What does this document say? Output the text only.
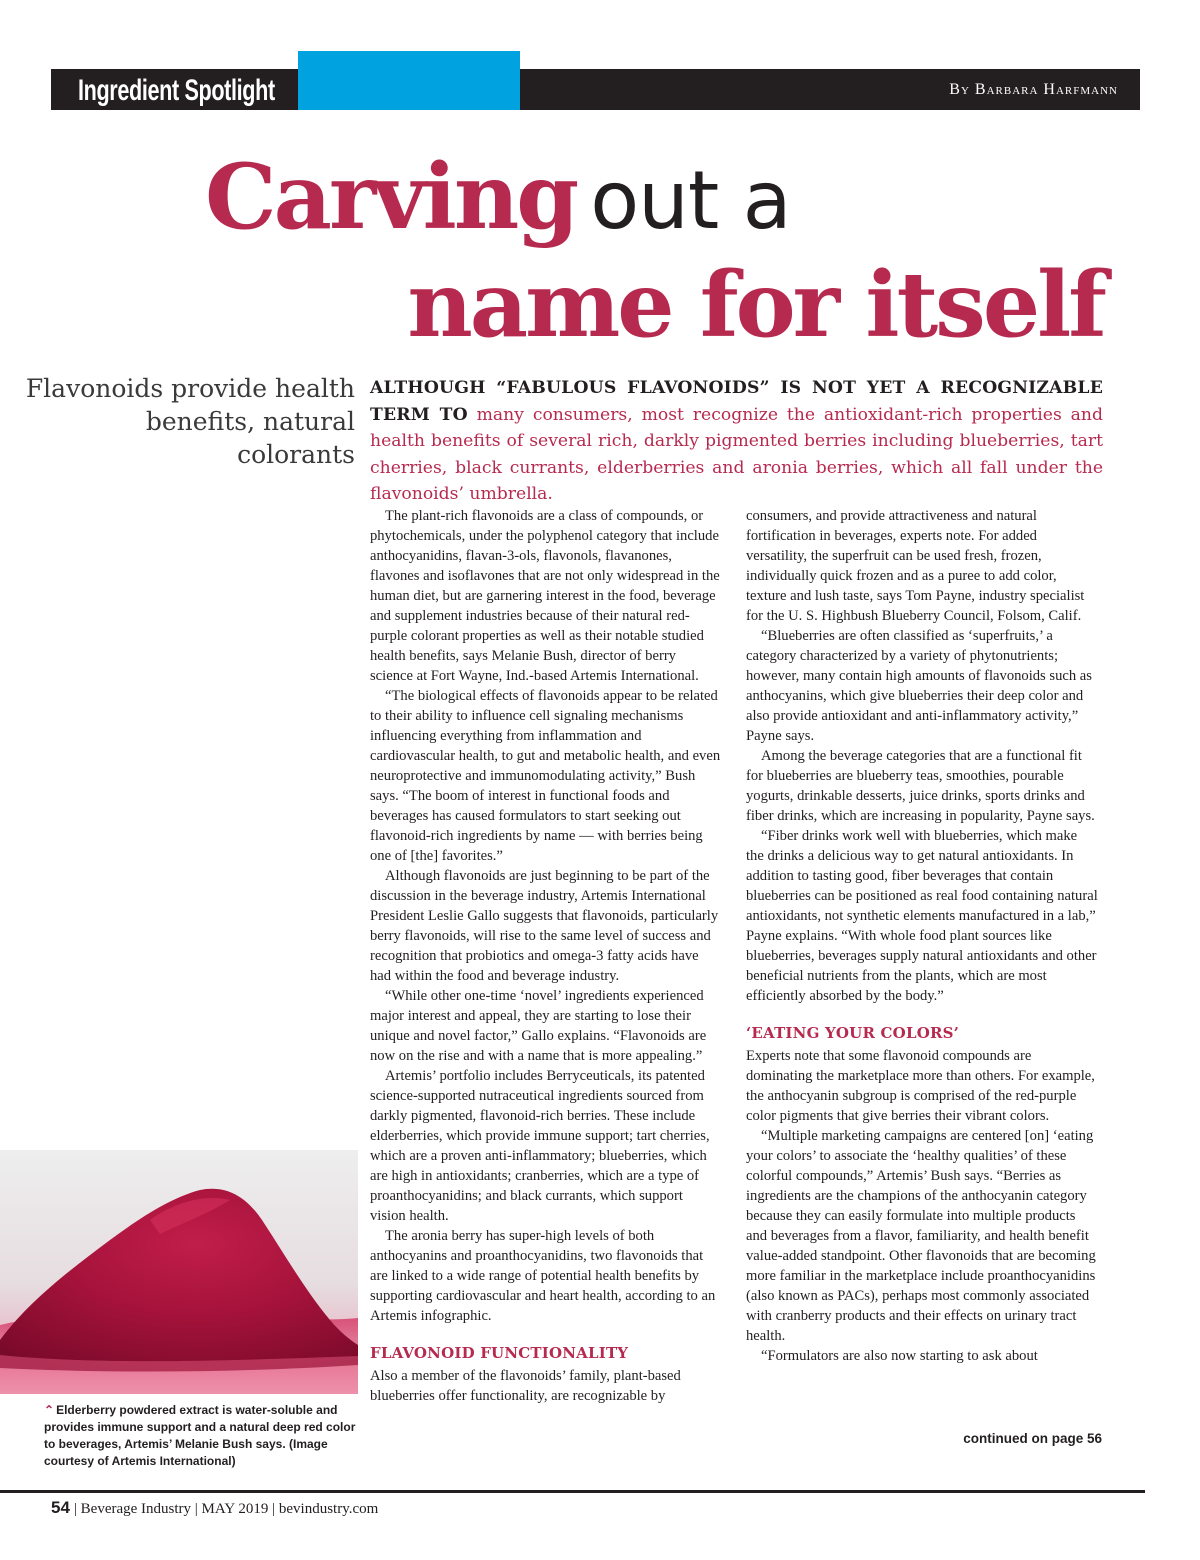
Ingredient Spotlight	By Barbara Harfmann
Carving out a
name for itself
Flavonoids provide health benefits, natural colorants
ALTHOUGH “FABULOUS FLAVONOIDS” IS NOT YET A RECOGNIZABLE TERM TO many consumers, most recognize the antioxidant-rich properties and health benefits of several rich, darkly pigmented berries including blueberries, tart cherries, black currants, elderberries and aronia berries, which all fall under the flavonoids’ umbrella.

The plant-rich flavonoids are a class of compounds, or phytochemicals, under the polyphenol category that include anthocyanidins, flavan-3-ols, flavonols, flavanones, flavones and isoflavones that are not only widespread in the human diet, but are garnering interest in the food, beverage and supplement industries because of their natural red-purple colorant properties as well as their notable studied health benefits, says Melanie Bush, director of berry science at Fort Wayne, Ind.-based Artemis International.

“The biological effects of flavonoids appear to be related to their ability to influence cell signaling mechanisms influencing everything from inflammation and cardiovascular health, to gut and metabolic health, and even neuroprotective and immunomodulating activity,” Bush says. “The boom of interest in functional foods and beverages has caused formulators to start seeking out flavonoid-rich ingredients by name — with berries being one of [the] favorites.”

Although flavonoids are just beginning to be part of the discussion in the beverage industry, Artemis International President Leslie Gallo suggests that flavonoids, particularly berry flavonoids, will rise to the same level of success and recognition that probiotics and omega-3 fatty acids have had within the food and beverage industry.

“While other one-time ‘novel’ ingredients experienced major interest and appeal, they are starting to lose their unique and novel factor,” Gallo explains. “Flavonoids are now on the rise and with a name that is more appealing.”

Artemis’ portfolio includes Berryceuticals, its patented science-supported nutraceutical ingredients sourced from darkly pigmented, flavonoid-rich berries. These include elderberries, which provide immune support; tart cherries, which are a proven anti-inflammatory; blueberries, which are high in antioxidants; cranberries, which are a type of proanthocyanidins; and black currants, which support vision health.

The aronia berry has super-high levels of both anthocyanins and proanthocyanidins, two flavonoids that are linked to a wide range of potential health benefits by supporting cardiovascular and heart health, according to an Artemis infographic.

FLAVONOID FUNCTIONALITY

Also a member of the flavonoids’ family, plant-based blueberries offer functionality, are recognizable by

consumers, and provide attractiveness and natural fortification in beverages, experts note. For added versatility, the superfruit can be used fresh, frozen, individually quick frozen and as a puree to add color, texture and lush taste, says Tom Payne, industry specialist for the U. S. Highbush Blueberry Council, Folsom, Calif.

“Blueberries are often classified as ‘superfruits,’ a category characterized by a variety of phytonutrients; however, many contain high amounts of flavonoids such as anthocyanins, which give blueberries their deep color and also provide antioxidant and anti-inflammatory activity,” Payne says.

Among the beverage categories that are a functional fit for blueberries are blueberry teas, smoothies, pourable yogurts, drinkable desserts, juice drinks, sports drinks and fiber drinks, which are increasing in popularity, Payne says.

“Fiber drinks work well with blueberries, which make the drinks a delicious way to get natural antioxidants. In addition to tasting good, fiber beverages that contain blueberries can be positioned as real food containing natural antioxidants, not synthetic elements manufactured in a lab,” Payne explains. “With whole food plant sources like blueberries, beverages supply natural antioxidants and other beneficial nutrients from the plants, which are most efficiently absorbed by the body.”

‘EATING YOUR COLORS’

Experts note that some flavonoid compounds are dominating the marketplace more than others. For example, the anthocyanin subgroup is comprised of the red-purple color pigments that give berries their vibrant colors.

“Multiple marketing campaigns are centered [on] ‘eating your colors’ to associate the ‘healthy qualities’ of these colorful compounds,” Artemis’ Bush says. “Berries as ingredients are the champions of the anthocyanin category because they can easily formulate into multiple products and beverages from a flavor, familiarity, and health benefit value-added standpoint. Other flavonoids that are becoming more familiar in the marketplace include proanthocyanidins (also known as PACs), perhaps most commonly associated with cranberry products and their effects on urinary tract health.

“Formulators are also now starting to ask about

continued on page 56
⌃ Elderberry powdered extract is water-soluble and provides immune support and a natural deep red color to beverages, Artemis’ Melanie Bush says. (Image courtesy of Artemis International)
54 | Beverage Industry | MAY 2019 | bevindustry.com
